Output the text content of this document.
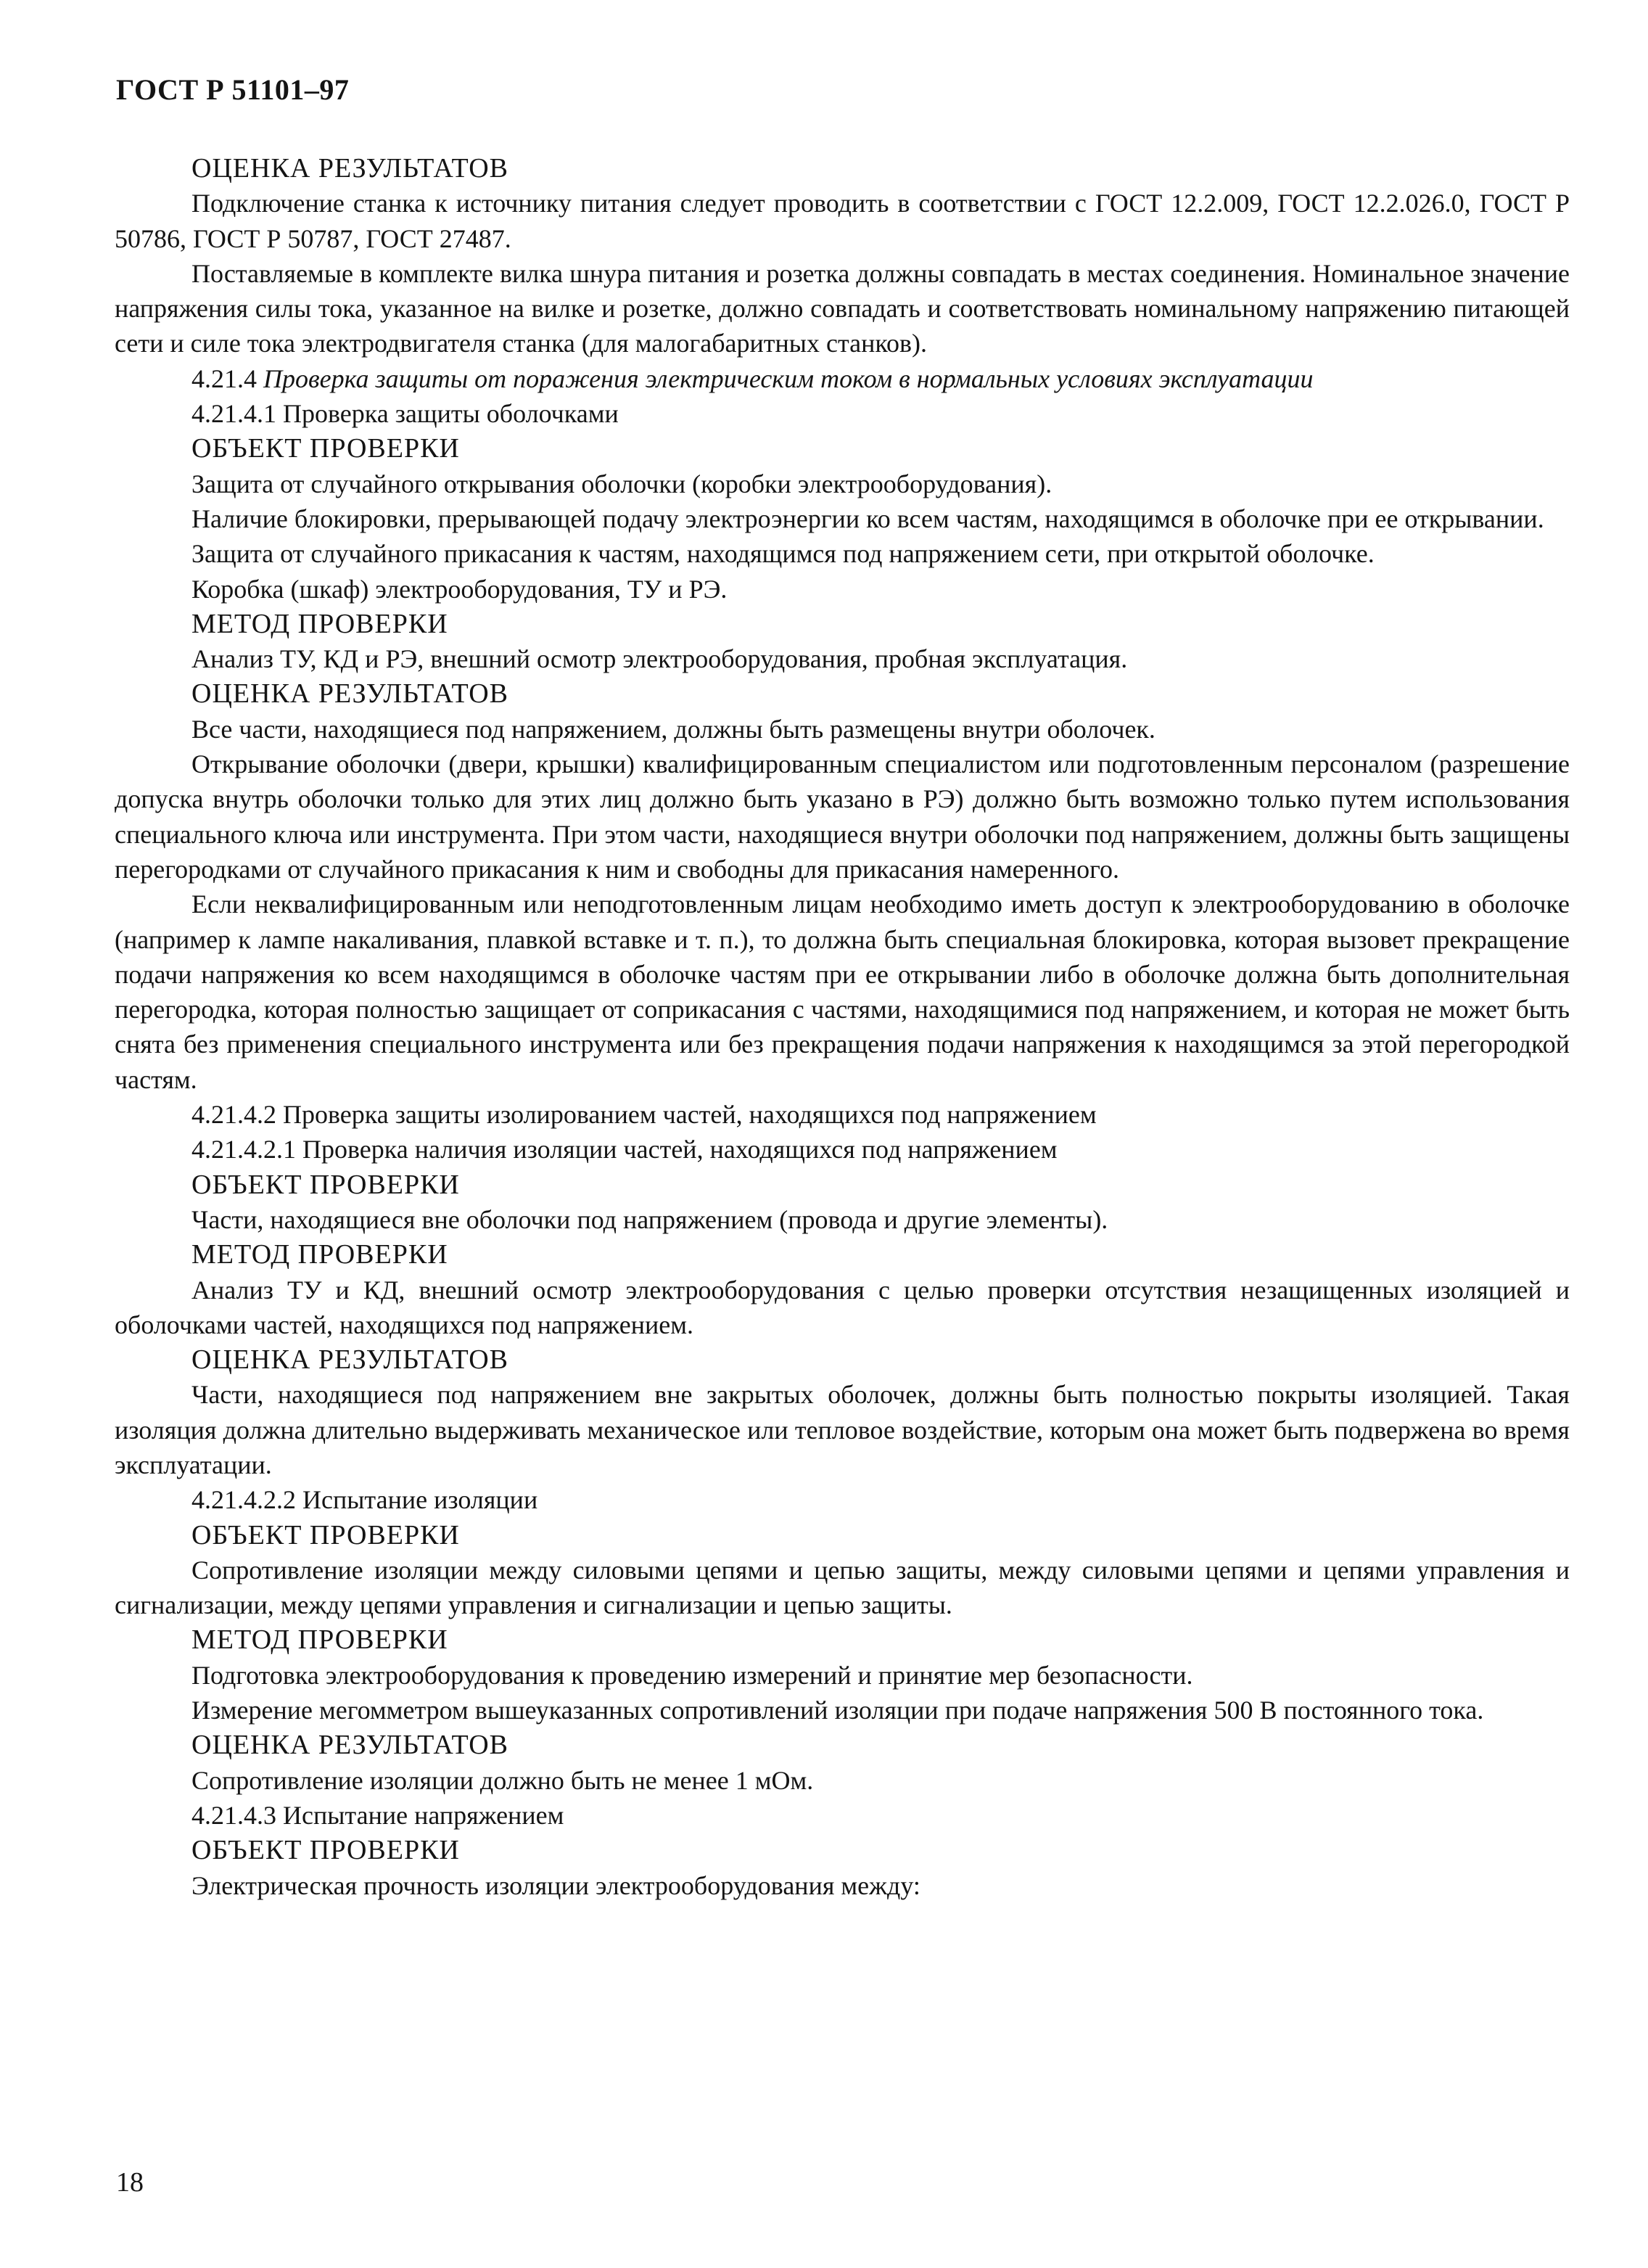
ГОСТ Р 51101–97
ОЦЕНКА РЕЗУЛЬТАТОВ

Подключение станка к источнику питания следует проводить в соответствии с ГОСТ 12.2.009, ГОСТ 12.2.026.0, ГОСТ Р 50786, ГОСТ Р 50787, ГОСТ 27487.

Поставляемые в комплекте вилка шнура питания и розетка должны совпадать в местах соединения. Номинальное значение напряжения силы тока, указанное на вилке и розетке, должно совпадать и соответствовать номинальному напряжению питающей сети и силе тока электродвигателя станка (для малогабаритных станков).

4.21.4 Проверка защиты от поражения электрическим током в нормальных условиях эксплуатации

4.21.4.1 Проверка защиты оболочками

ОБЪЕКТ ПРОВЕРКИ

Защита от случайного открывания оболочки (коробки электрооборудования).

Наличие блокировки, прерывающей подачу электроэнергии ко всем частям, находящимся в оболочке при ее открывании.

Защита от случайного прикасания к частям, находящимся под напряжением сети, при открытой оболочке.

Коробка (шкаф) электрооборудования, ТУ и РЭ.

МЕТОД ПРОВЕРКИ

Анализ ТУ, КД и РЭ, внешний осмотр электрооборудования, пробная эксплуатация.

ОЦЕНКА РЕЗУЛЬТАТОВ

Все части, находящиеся под напряжением, должны быть размещены внутри оболочек.

Открывание оболочки (двери, крышки) квалифицированным специалистом или подготовленным персоналом (разрешение допуска внутрь оболочки только для этих лиц должно быть указано в РЭ) должно быть возможно только путем использования специального ключа или инструмента. При этом части, находящиеся внутри оболочки под напряжением, должны быть защищены перегородками от случайного прикасания к ним и свободны для прикасания намеренного.

Если неквалифицированным или неподготовленным лицам необходимо иметь доступ к электрооборудованию в оболочке (например к лампе накаливания, плавкой вставке и т. п.), то должна быть специальная блокировка, которая вызовет прекращение подачи напряжения ко всем находящимся в оболочке частям при ее открывании либо в оболочке должна быть дополнительная перегородка, которая полностью защищает от соприкасания с частями, находящимися под напряжением, и которая не может быть снята без применения специального инструмента или без прекращения подачи напряжения к находящимся за этой перегородкой частям.

4.21.4.2 Проверка защиты изолированием частей, находящихся под напряжением

4.21.4.2.1 Проверка наличия изоляции частей, находящихся под напряжением

ОБЪЕКТ ПРОВЕРКИ

Части, находящиеся вне оболочки под напряжением (провода и другие элементы).

МЕТОД ПРОВЕРКИ

Анализ ТУ и КД, внешний осмотр электрооборудования с целью проверки отсутствия незащищенных изоляцией и оболочками частей, находящихся под напряжением.

ОЦЕНКА РЕЗУЛЬТАТОВ

Части, находящиеся под напряжением вне закрытых оболочек, должны быть полностью покрыты изоляцией. Такая изоляция должна длительно выдерживать механическое или тепловое воздействие, которым она может быть подвержена во время эксплуатации.

4.21.4.2.2 Испытание изоляции

ОБЪЕКТ ПРОВЕРКИ

Сопротивление изоляции между силовыми цепями и цепью защиты, между силовыми цепями и цепями управления и сигнализации, между цепями управления и сигнализации и цепью защиты.

МЕТОД ПРОВЕРКИ

Подготовка электрооборудования к проведению измерений и принятие мер безопасности.

Измерение мегомметром вышеуказанных сопротивлений изоляции при подаче напряжения 500 В постоянного тока.

ОЦЕНКА РЕЗУЛЬТАТОВ

Сопротивление изоляции должно быть не менее 1 мОм.

4.21.4.3 Испытание напряжением

ОБЪЕКТ ПРОВЕРКИ

Электрическая прочность изоляции электрооборудования между:

18
